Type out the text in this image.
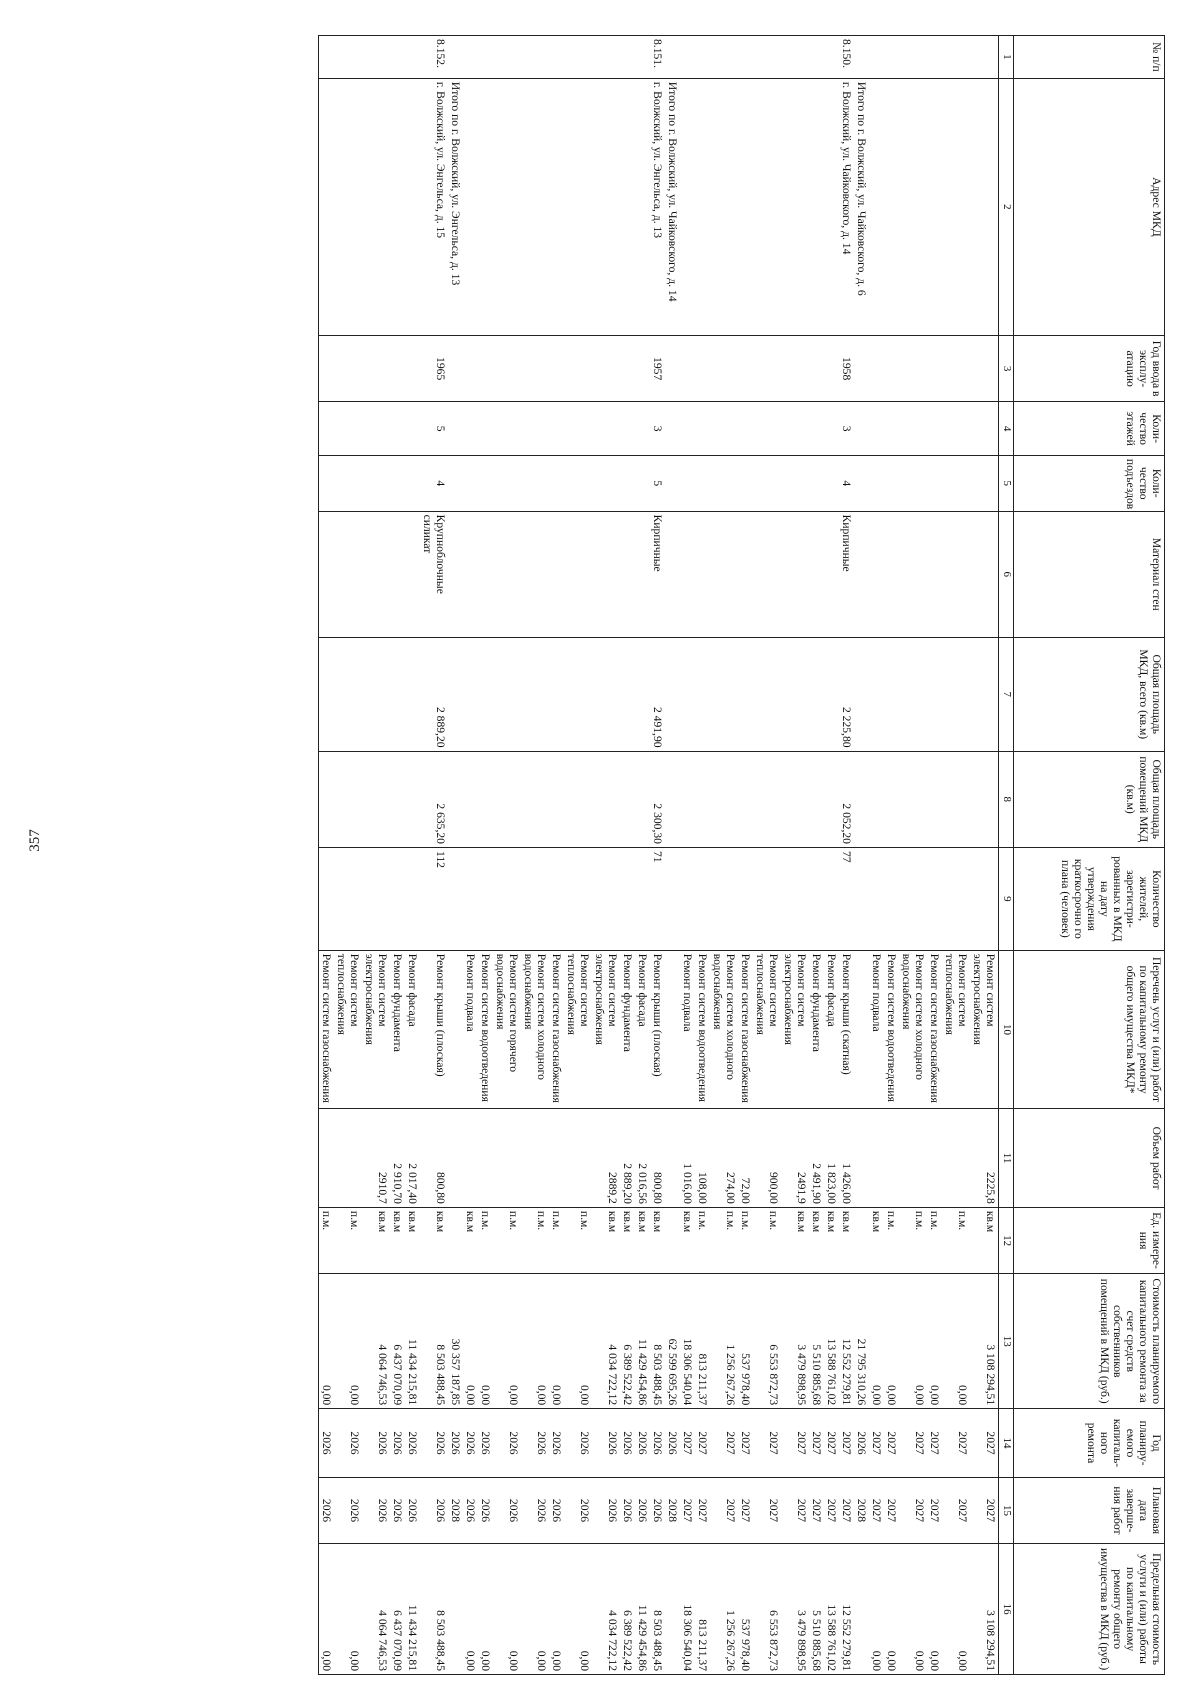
357
№ п/п	Адрес МКД	Год ввода в эксплу-атацию	Коли-чество этажей	Коли-чество подъездов	Материал стен	Общая площадь МКД, всего (кв.м)	Общая площадь помещений МКД (кв.м)	Количество жителей, зарегистри-рованных в МКД на дату утверждения краткосрочно го плана (человек)	Перечень услуг и (или) работ по капитальному ремонту общего имущества МКД*	Объем работ	Ед. измере-ния	Стоимость планируемого капитального ремонта за счет средств собственников помещений в МКД (руб.)	Год планиру-емого капиталь-ного ремонта	Плановая дата заверше-ния работ	Предельная стоимость услуги и (или) работы по капитальному ремонту общего имущества в МКД (руб.)
1	2	3	4	5	6	7	8	9	10	11	12	13	14	15	16
									Ремонт систем электроснабжения	2225,8	кв.м	3 108 294,51	2027	2027	3 108 294,51
									Ремонт систем теплоснабжения		п.м.	0,00	2027	2027	0,00
									Ремонт систем газоснабжения		п.м.	0,00	2027	2027	0,00
									Ремонт систем холодного водоснабжения		п.м.	0,00	2027	2027	0,00
									Ремонт систем водоотведения		п.м.	0,00	2027	2027	0,00
									Ремонт подвала		кв.м	0,00	2027	2027	0,00
	Итого по г. Волжский, ул. Чайковского, д. 6											21 795 310,26	2026	2028	
8.150.	г. Волжский, ул. Чайковского, д. 14	1958	3	4	Кирпичные	2 225,80	2 052,20	77	Ремонт крыши (скатная)	1 426,00	кв.м	12 552 279,81	2027	2027	12 552 279,81
									Ремонт фасада	1 823,00	кв.м	13 588 761,02	2027	2027	13 588 761,02
									Ремонт фундамента	2 491,90	кв.м	5 510 885,68	2027	2027	5 510 885,68
									Ремонт систем электроснабжения	2491,9	кв.м	3 479 898,95	2027	2027	3 479 898,95
									Ремонт систем теплоснабжения	900,00	п.м.	6 553 872,73	2027	2027	6 553 872,73
									Ремонт систем газоснабжения	72,00	п.м.	537 978,40	2027	2027	537 978,40
									Ремонт систем холодного водоснабжения	274,00	п.м.	1 256 267,26	2027	2027	1 256 267,26
									Ремонт систем водоотведения	108,00	п.м.	813 211,37	2027	2027	813 211,37
									Ремонт подвала	1 016,00	кв.м	18 306 540,04	2027	2027	18 306 540,04
	Итого по г. Волжский, ул. Чайковского, д. 14											62 599 695,26	2026	2028	
8.151.	г. Волжский, ул. Энгельса, д. 13	1957	3	5	Кирпичные	2 491,90	2 300,30	71	Ремонт крыши (плоская)	800,80	кв.м	8 503 488,45	2026	2026	8 503 488,45
									Ремонт фасада	2 016,56	кв.м	11 429 454,86	2026	2026	11 429 454,86
									Ремонт фундамента	2 889,20	кв.м	6 389 522,42	2026	2026	6 389 522,42
									Ремонт систем электроснабжения	2889,2	кв.м	4 034 722,12	2026	2026	4 034 722,12
									Ремонт систем теплоснабжения		п.м.	0,00	2026	2026	0,00
									Ремонт систем газоснабжения		п.м.	0,00	2026	2026	0,00
									Ремонт систем холодного водоснабжения		п.м.	0,00	2026	2026	0,00
									Ремонт систем горячего водоснабжения		п.м.	0,00	2026	2026	0,00
									Ремонт систем водоотведения		п.м.	0,00	2026	2026	0,00
									Ремонт подвала		кв.м	0,00	2026	2026	0,00
	Итого по г. Волжский, ул. Энгельса, д. 13											30 357 187,85	2026	2028	
8.152.	г. Волжский, ул. Энгельса, д. 15	1965	5	4	Крупноблочные силикат	2 889,20	2 635,20	112	Ремонт крыши (плоская)	800,80	кв.м	8 503 488,45	2026	2026	8 503 488,45
									Ремонт фасада	2 017,40	кв.м	11 434 215,81	2026	2026	11 434 215,81
									Ремонт фундамента	2 910,70	кв.м	6 437 070,09	2026	2026	6 437 070,09
									Ремонт систем электроснабжения	2910,7	кв.м	4 064 746,53	2026	2026	4 064 746,53
									Ремонт систем теплоснабжения		п.м.	0,00	2026	2026	0,00
									Ремонт систем газоснабжения		п.м.	0,00	2026	2026	0,00
